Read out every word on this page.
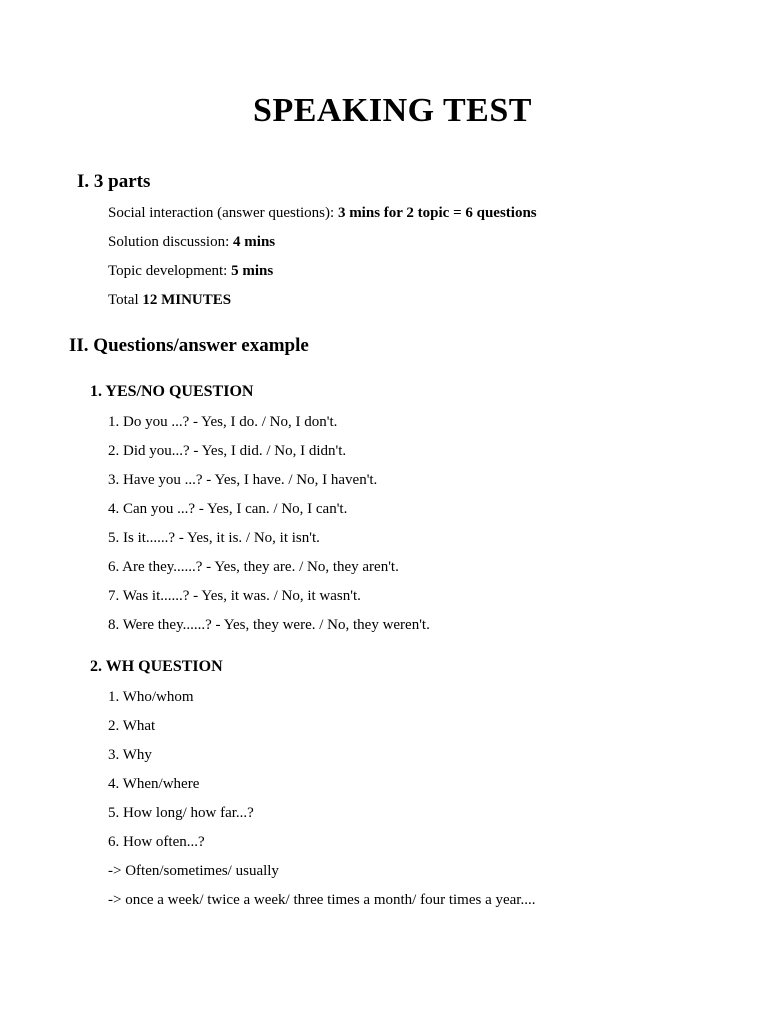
SPEAKING TEST
I. 3 parts
Social interaction (answer questions): 3 mins for 2 topic = 6 questions
Solution discussion: 4 mins
Topic development: 5 mins
Total 12 MINUTES
II. Questions/answer example
1. YES/NO QUESTION
1. Do you ...? - Yes, I do. / No, I don't.
2. Did you...? - Yes, I did. / No, I didn't.
3. Have you ...? - Yes, I have. / No, I haven't.
4. Can you ...? - Yes, I can. / No, I can't.
5. Is it......? - Yes, it is. / No, it isn't.
6. Are they......? - Yes, they are. / No, they aren't.
7. Was it......? - Yes, it was. / No, it wasn't.
8. Were they......? - Yes, they were. / No, they weren't.
2. WH QUESTION
1. Who/whom
2. What
3. Why
4. When/where
5. How long/ how far...?
6. How often...?
-> Often/sometimes/ usually
-> once a week/ twice a week/ three times a month/ four times a year....
